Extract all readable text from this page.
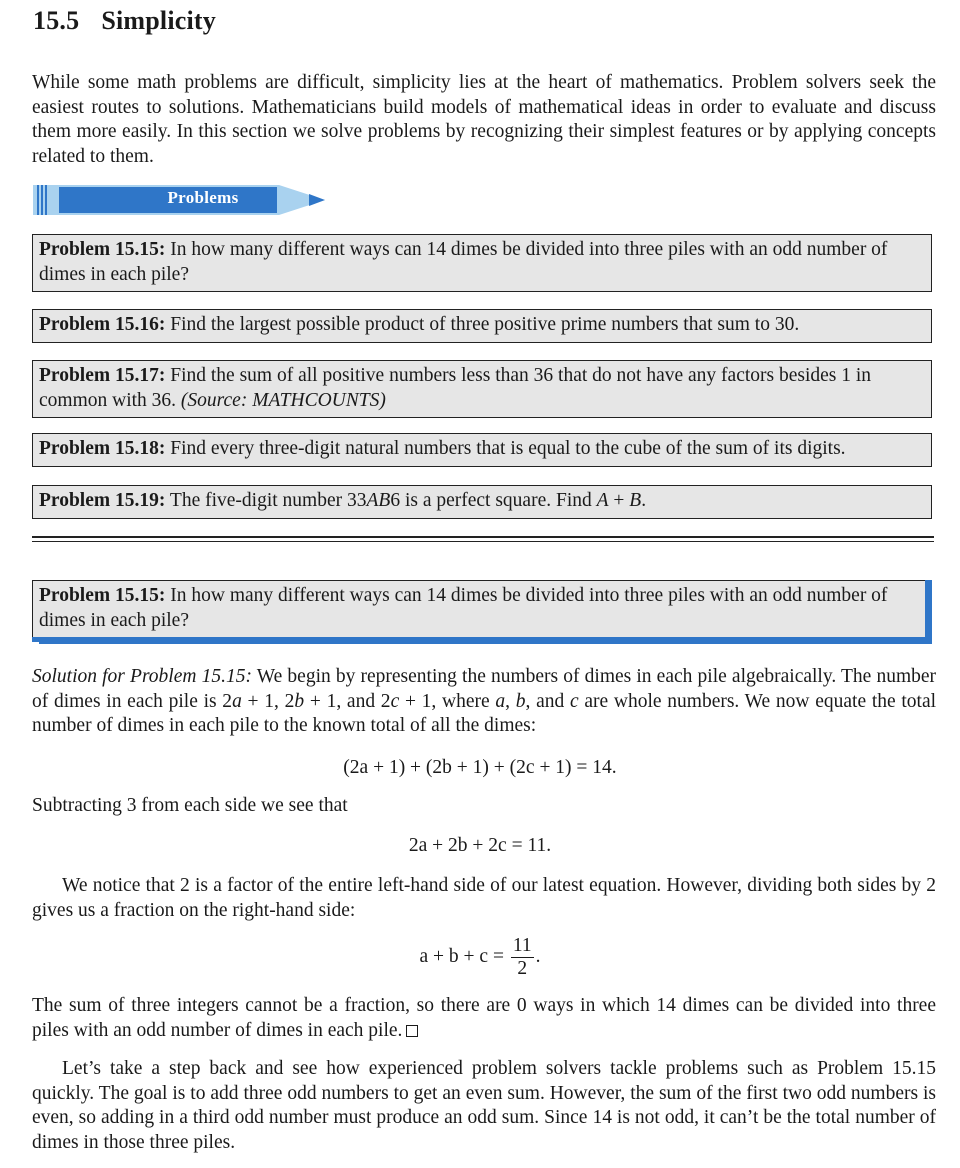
15.5 Simplicity
While some math problems are difficult, simplicity lies at the heart of mathematics. Problem solvers seek the easiest routes to solutions. Mathematicians build models of mathematical ideas in order to evaluate and discuss them more easily. In this section we solve problems by recognizing their simplest features or by applying concepts related to them.
Problems
Problem 15.15: In how many different ways can 14 dimes be divided into three piles with an odd number of dimes in each pile?
Problem 15.16: Find the largest possible product of three positive prime numbers that sum to 30.
Problem 15.17: Find the sum of all positive numbers less than 36 that do not have any factors besides 1 in common with 36. (Source: MATHCOUNTS)
Problem 15.18: Find every three-digit natural numbers that is equal to the cube of the sum of its digits.
Problem 15.19: The five-digit number 33AB6 is a perfect square. Find A + B.
Problem 15.15: In how many different ways can 14 dimes be divided into three piles with an odd number of dimes in each pile?
Solution for Problem 15.15: We begin by representing the numbers of dimes in each pile algebraically. The number of dimes in each pile is 2a + 1, 2b + 1, and 2c + 1, where a, b, and c are whole numbers. We now equate the total number of dimes in each pile to the known total of all the dimes:
(2a + 1) + (2b + 1) + (2c + 1) = 14.
Subtracting 3 from each side we see that
2a + 2b + 2c = 11.
We notice that 2 is a factor of the entire left-hand side of our latest equation. However, dividing both sides by 2 gives us a fraction on the right-hand side:
$a + b + c = \frac{11}{2}$ .
The sum of three integers cannot be a fraction, so there are 0 ways in which 14 dimes can be divided into three piles with an odd number of dimes in each pile.
Let’s take a step back and see how experienced problem solvers tackle problems such as Problem 15.15 quickly. The goal is to add three odd numbers to get an even sum. However, the sum of the first two odd numbers is even, so adding in a third odd number must produce an odd sum. Since 14 is not odd, it can’t be the total number of dimes in those three piles.
